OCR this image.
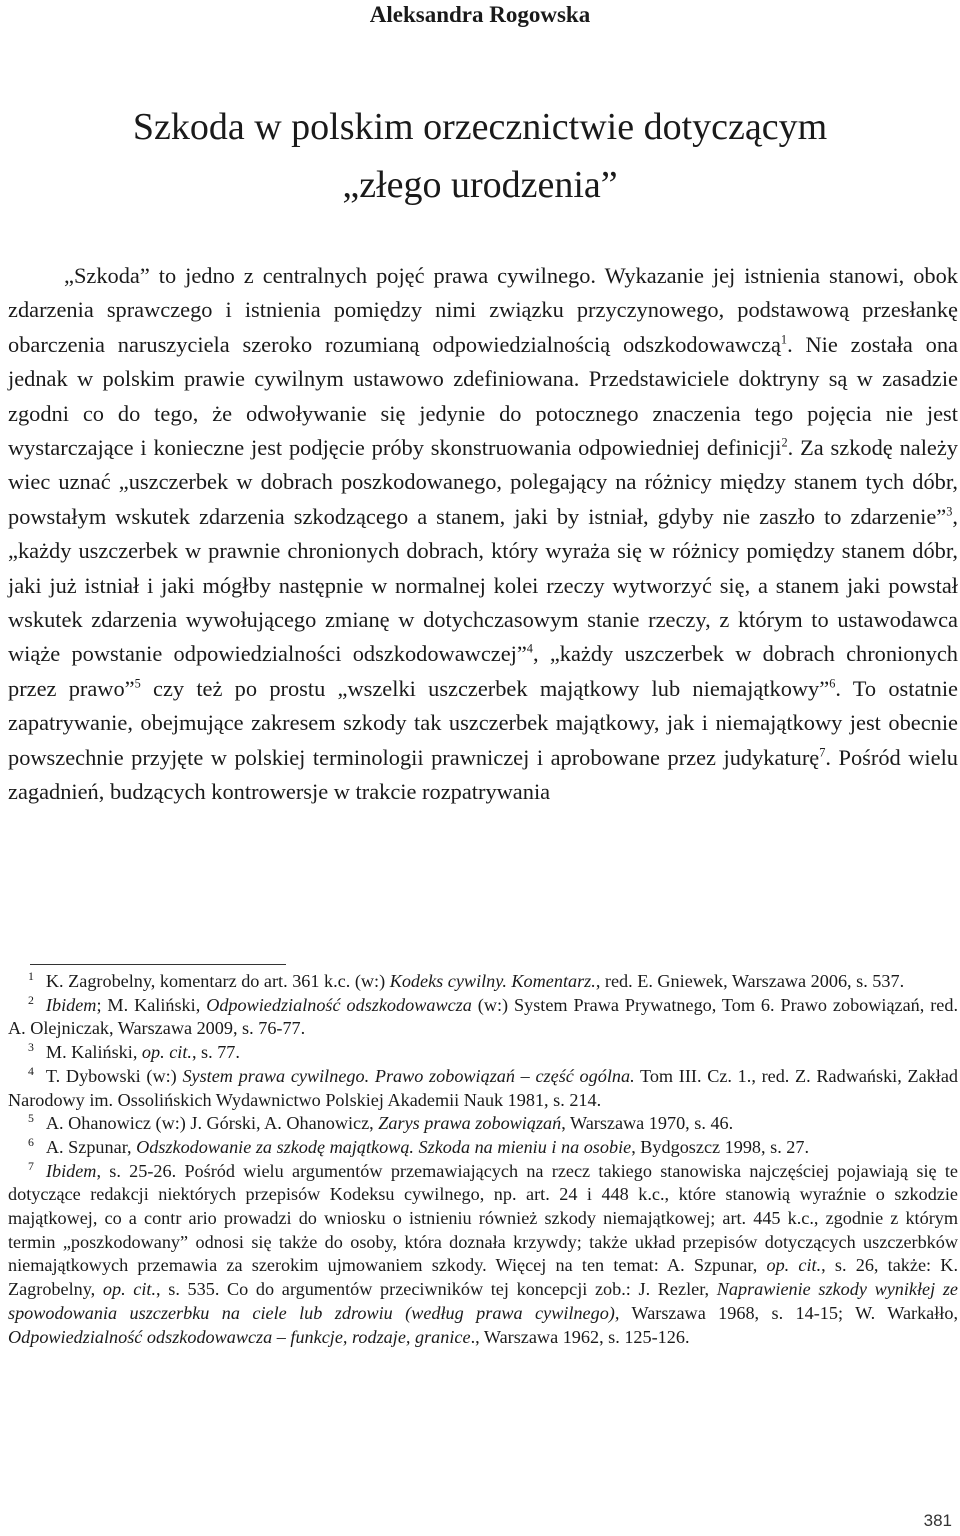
Aleksandra Rogowska
Szkoda w polskim orzecznictwie dotyczącym
„złego urodzenia”

„Szkoda” to jedno z centralnych pojęć prawa cywilnego. Wykazanie jej istnienia stanowi, obok zdarzenia sprawczego i istnienia pomiędzy nimi związku przyczynowego, podstawową przesłankę obarczenia naruszyciela szeroko rozumianą odpowiedzialnością odszkodowawczą$^1$. Nie została ona jednak w polskim prawie cywilnym ustawowo zdefiniowana. Przedstawiciele doktryny są w zasadzie zgodni co do tego, że odwoływanie się jedynie do potocznego znaczenia tego pojęcia nie jest wystarczające i konieczne jest podjęcie próby skonstruowania odpowiedniej definicji$^2$. Za szkodę należy wiec uznać „uszczerbek w dobrach poszkodowanego, polegający na różnicy między stanem tych dóbr, powstałym wskutek zdarzenia szkodzącego a stanem, jaki by istniał, gdyby nie zaszło to zdarzenie”$^3$, „każdy uszczerbek w prawnie chronionych dobrach, który wyraża się w różnicy pomiędzy stanem dóbr, jaki już istniał i jaki mógłby następnie w normalnej kolei rzeczy wytworzyć się, a stanem jaki powstał wskutek zdarzenia wywołującego zmianę w dotychczasowym stanie rzeczy, z którym to ustawodawca wiąże powstanie odpowiedzialności odszkodowawczej”$^4$, „każdy uszczerbek w dobrach chronionych przez prawo”$^5$ czy też po prostu „wszelki uszczerbek majątkowy lub niemajątkowy”$^6$. To ostatnie zapatrywanie, obejmujące zakresem szkody tak uszczerbek majątkowy, jak i niemajątkowy jest obecnie powszechnie przyjęte w polskiej terminologii prawniczej i aprobowane przez judykaturę$^7$. Pośród wielu zagadnień, budzących kontrowersje w trakcie rozpatrywania

$^1$ K. Zagrobelny, komentarz do art. 361 k.c. (w:) Kodeks cywilny. Komentarz., red. E. Gniewek, Warszawa 2006, s. 537.

$^2$ Ibidem; M. Kaliński, Odpowiedzialność odszkodowawcza (w:) System Prawa Prywatnego, Tom 6. Prawo zobowiązań, red. A. Olejniczak, Warszawa 2009, s. 76-77.

$^3$ M. Kaliński, op. cit., s. 77.

$^4$ T. Dybowski (w:) System prawa cywilnego. Prawo zobowiązań – część ogólna. Tom III. Cz. 1., red. Z. Radwański, Zakład Narodowy im. Ossolińskich Wydawnictwo Polskiej Akademii Nauk 1981, s. 214.

$^5$ A. Ohanowicz (w:) J. Górski, A. Ohanowicz, Zarys prawa zobowiązań, Warszawa 1970, s. 46.

$^6$ A. Szpunar, Odszkodowanie za szkodę majątkową. Szkoda na mieniu i na osobie, Bydgoszcz 1998, s. 27.

$^7$ Ibidem, s. 25-26. Pośród wielu argumentów przemawiających na rzecz takiego stanowiska najczęściej pojawiają się te dotyczące redakcji niektórych przepisów Kodeksu cywilnego, np. art. 24 i 448 k.c., które stanowią wyraźnie o szkodzie majątkowej, co a contr ario prowadzi do wniosku o istnieniu również szkody niemajątkowej; art. 445 k.c., zgodnie z którym termin „poszkodowany” odnosi się także do osoby, która doznała krzywdy; także układ przepisów dotyczących uszczerbków niemajątkowych przemawia za szerokim ujmowaniem szkody. Więcej na ten temat: A. Szpunar, op. cit., s. 26, także: K. Zagrobelny, op. cit., s. 535. Co do argumentów przeciwników tej koncepcji zob.: J. Rezler, Naprawienie szkody wynikłej ze spowodowania uszczerbku na ciele lub zdrowiu (według prawa cywilnego), Warszawa 1968, s. 14-15; W. Warkałło, Odpowiedzialność odszkodowawcza – funkcje, rodzaje, granice., Warszawa 1962, s. 125-126.

381
